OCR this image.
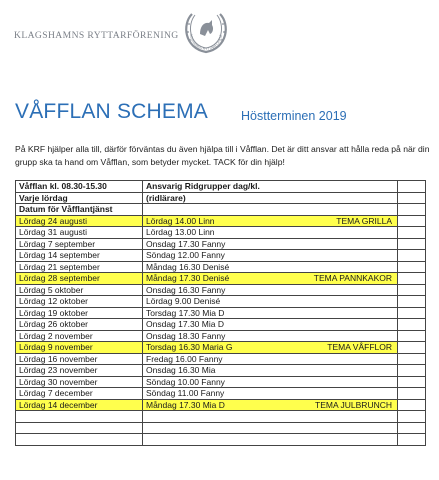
KLAGSHAMNS RYTTARFÖRENING	AGSHAMNS RYTTARFÖRENI
VÅFFLAN SCHEMA	Höstterminen 2019
På KRF hjälper alla till, därför förväntas du även hjälpa till i Våfflan. Det är ditt ansvar att hålla reda på när din grupp ska ta hand om Våfflan, som betyder mycket. TACK för din hjälp!
Våfflan kl. 08.30-15.30	Ansvarig Ridgrupper dag/kl.	
Varje lördag	(ridlärare)	
Datum för Våfflantjänst		
Lördag 24 augusti	Lördag 14.00 Linn TEMA GRILLA	

Lördag 31 augusti	Lördag 13.00 Linn	
Lördag 7 september	Onsdag 17.30 Fanny	
Lördag 14 september	Söndag 12.00 Fanny	
Lördag 21 september	Måndag 16.30 Denisé	
Lördag 28 september	Måndag 17.30 Denisé TEMA PANNKAKOR	

Lördag 5 oktober	Onsdag 16.30 Fanny	
Lördag 12 oktober	Lördag 9.00 Denisé	
Lördag 19 oktober	Torsdag 17.30 Mia D	
Lördag 26 oktober	Onsdag 17.30 Mia D	
Lördag 2 november	Onsdag 18.30 Fanny	
Lördag 9 november	Torsdag 16.30 Maria G TEMA VÅFFLOR	

Lördag 16 november	Fredag 16.00 Fanny	
Lördag 23 november	Onsdag 16.30 Mia	
Lördag 30 november	Söndag 10.00 Fanny	
Lördag 7 december	Söndag 11.00 Fanny	
Lördag 14 december	Måndag 17.30 Mia D TEMA JULBRUNCH	
